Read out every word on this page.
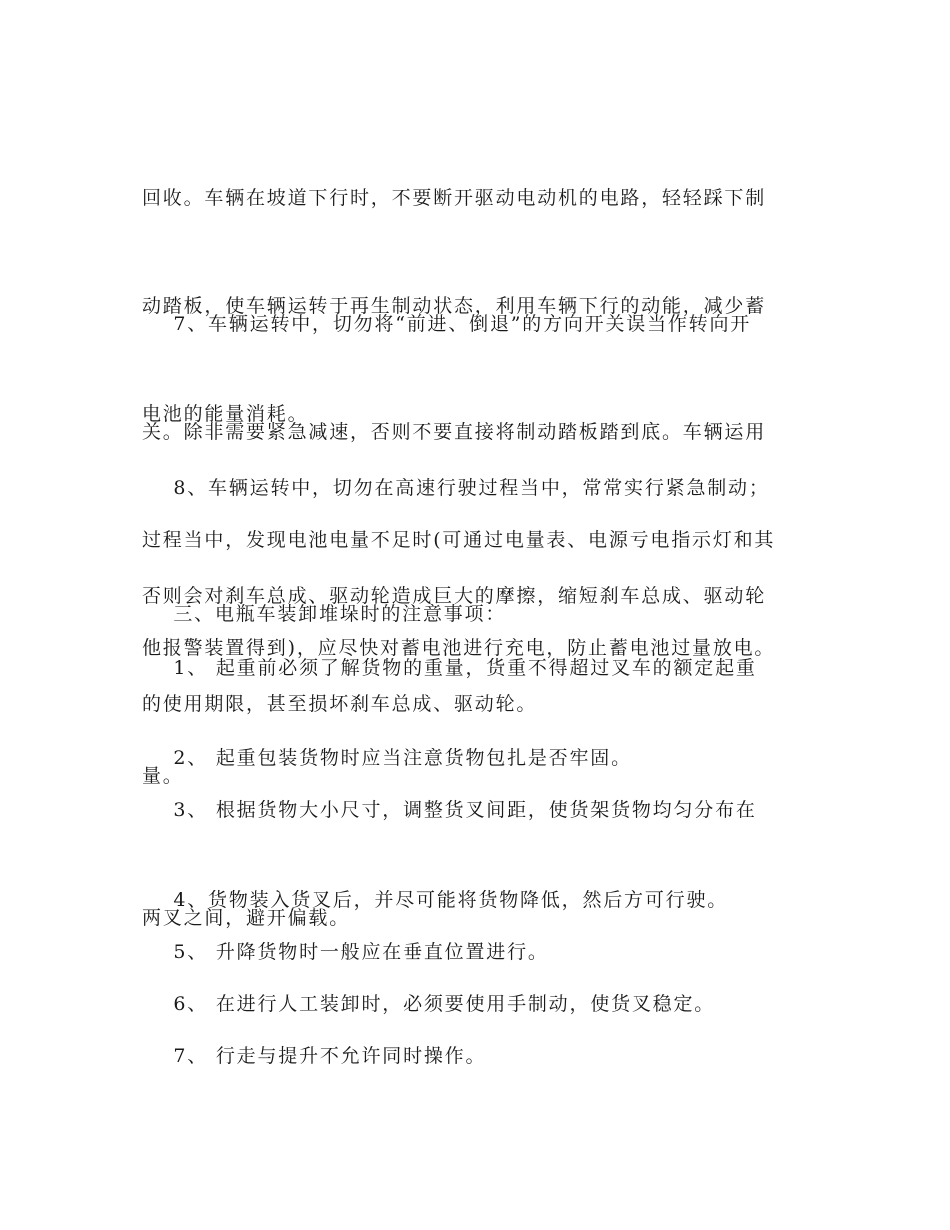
回收。车辆在坡道下行时，不要断开驱动电动机的电路，轻轻踩下制

动踏板，使车辆运转于再生制动状态，利用车辆下行的动能，减少蓄

电池的能量消耗。

7、车辆运转中，切勿将“前进、倒退”的方向开关误当作转向开

关。除非需要紧急减速，否则不要直接将制动踏板踏到底。车辆运用

过程当中，发现电池电量不足时(可通过电量表、电源亏电指示灯和其

他报警装置得到)，应尽快对蓄电池进行充电，防止蓄电池过量放电。

8、车辆运转中，切勿在高速行驶过程当中，常常实行紧急制动；

否则会对刹车总成、驱动轮造成巨大的摩擦，缩短刹车总成、驱动轮

的使用期限，甚至损坏刹车总成、驱动轮。

三、电瓶车装卸堆垛时的注意事项：

1、 起重前必须了解货物的重量，货重不得超过叉车的额定起重

量。

2、 起重包装货物时应当注意货物包扎是否牢固。

3、 根据货物大小尺寸，调整货叉间距，使货架货物均匀分布在

两叉之间，避开偏载。

4、货物装入货叉后，并尽可能将货物降低，然后方可行驶。

5、 升降货物时一般应在垂直位置进行。

6、 在进行人工装卸时，必须要使用手制动，使货叉稳定。

7、 行走与提升不允许同时操作。
